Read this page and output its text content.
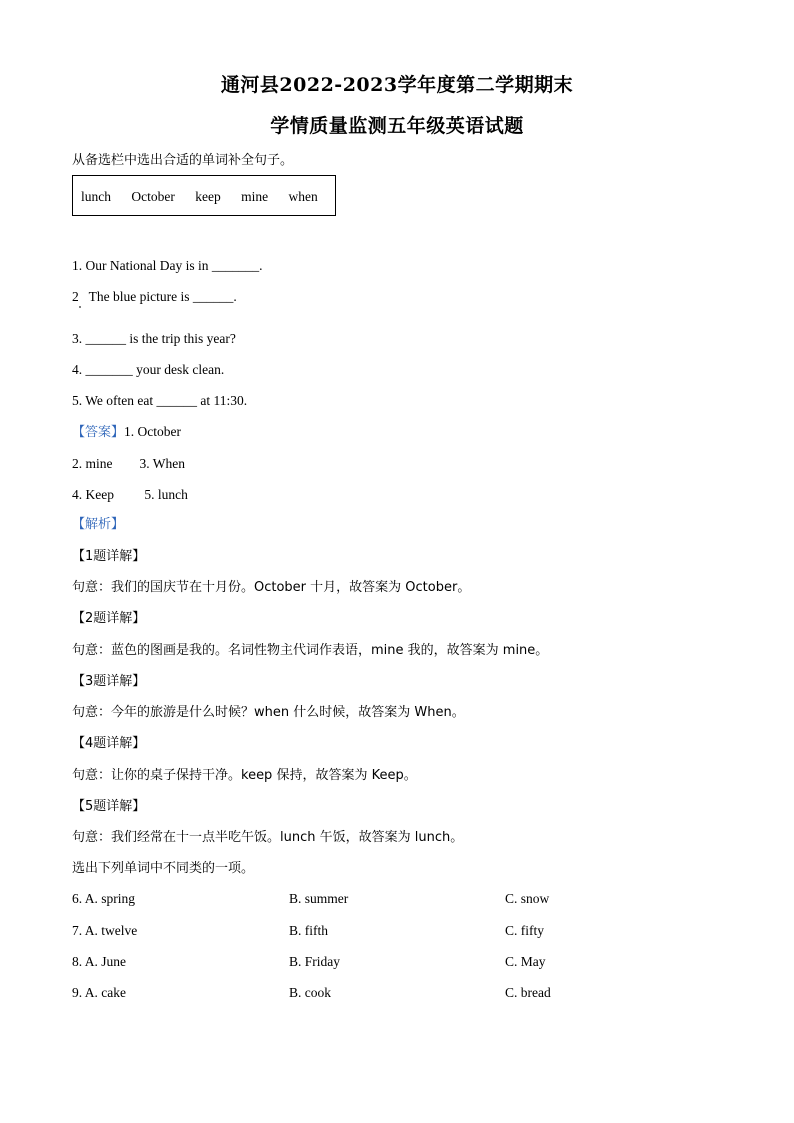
通河县2022-2023学年度第二学期期末
学情质量监测五年级英语试题
从备选栏中选出合适的单词补全句子。
lunch October keep mine when
1. Our National Day is in _______.
2   The blue picture is ______.
3. ______ is the trip this year?
4. _______ your desk clean.
5. We often eat ______ at 11:30.
【答案】1. October
2. mine        3. When
4. Keep         5. lunch
【解析】
【1题详解】
句意：我们的国庆节在十月份。October 十月，故答案为 October。
【2题详解】
句意：蓝色的图画是我的。名词性物主代词作表语，mine 我的，故答案为 mine。
【3题详解】
句意：今年的旅游是什么时候？when 什么时候，故答案为 When。
【4题详解】
句意：让你的桌子保持干净。keep 保持，故答案为 Keep。
【5题详解】
句意：我们经常在十一点半吃午饭。lunch 午饭，故答案为 lunch。
选出下列单词中不同类的一项。
6. A. spring	B. summer	C. snow
7. A. twelve	B. fifth	C. fifty
8. A. June	B. Friday	C. May
9. A. cake	B. cook	C. bread
